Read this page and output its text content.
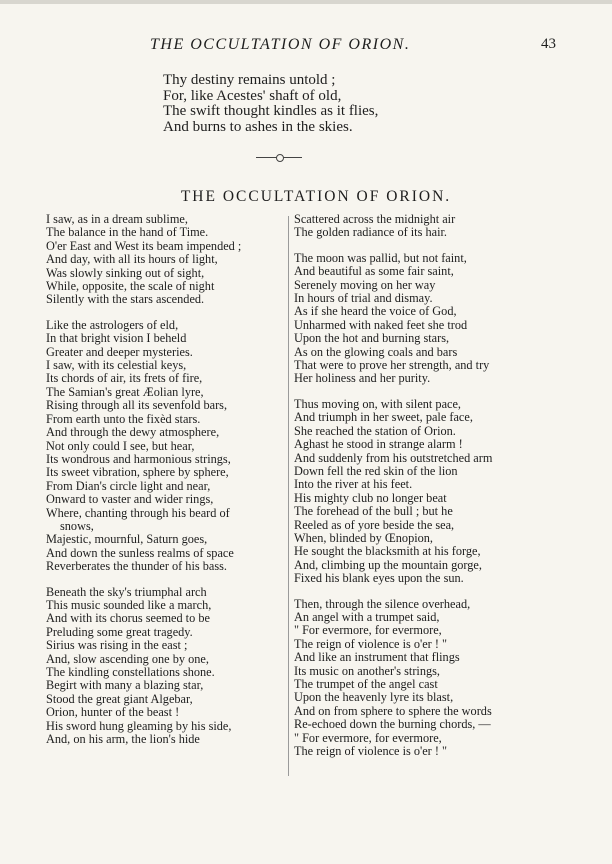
THE OCCULTATION OF ORION.	43
Thy destiny remains untold ;
For, like Acestes' shaft of old,
The swift thought kindles as it flies,
And burns to ashes in the skies.
THE OCCULTATION OF ORION.
I saw, as in a dream sublime,
The balance in the hand of Time.
O'er East and West its beam impended ;
And day, with all its hours of light,
Was slowly sinking out of sight,
While, opposite, the scale of night
Silently with the stars ascended.
Like the astrologers of eld,
In that bright vision I beheld
Greater and deeper mysteries.
I saw, with its celestial keys,
Its chords of air, its frets of fire,
The Samian's great Æolian lyre,
Rising through all its sevenfold bars,
From earth unto the fixèd stars.
And through the dewy atmosphere,
Not only could I see, but hear,
Its wondrous and harmonious strings,
Its sweet vibration, sphere by sphere,
From Dian's circle light and near,
Onward to vaster and wider rings,
Where, chanting through his beard of
snows,
Majestic, mournful, Saturn goes,
And down the sunless realms of space
Reverberates the thunder of his bass.
Beneath the sky's triumphal arch
This music sounded like a march,
And with its chorus seemed to be
Preluding some great tragedy.
Sirius was rising in the east ;
And, slow ascending one by one,
The kindling constellations shone.
Begirt with many a blazing star,
Stood the great giant Algebar,
Orion, hunter of the beast !
His sword hung gleaming by his side,
And, on his arm, the lion's hide
Scattered across the midnight air
The golden radiance of its hair.
The moon was pallid, but not faint,
And beautiful as some fair saint,
Serenely moving on her way
In hours of trial and dismay.
As if she heard the voice of God,
Unharmed with naked feet she trod
Upon the hot and burning stars,
As on the glowing coals and bars
That were to prove her strength, and try
Her holiness and her purity.
Thus moving on, with silent pace,
And triumph in her sweet, pale face,
She reached the station of Orion.
Aghast he stood in strange alarm !
And suddenly from his outstretched arm
Down fell the red skin of the lion
Into the river at his feet.
His mighty club no longer beat
The forehead of the bull ; but he
Reeled as of yore beside the sea,
When, blinded by Œnopion,
He sought the blacksmith at his forge,
And, climbing up the mountain gorge,
Fixed his blank eyes upon the sun.
Then, through the silence overhead,
An angel with a trumpet said,
" For evermore, for evermore,
The reign of violence is o'er ! "
And like an instrument that flings
Its music on another's strings,
The trumpet of the angel cast
Upon the heavenly lyre its blast,
And on from sphere to sphere the words
Re-echoed down the burning chords, —
" For evermore, for evermore,
The reign of violence is o'er ! "
